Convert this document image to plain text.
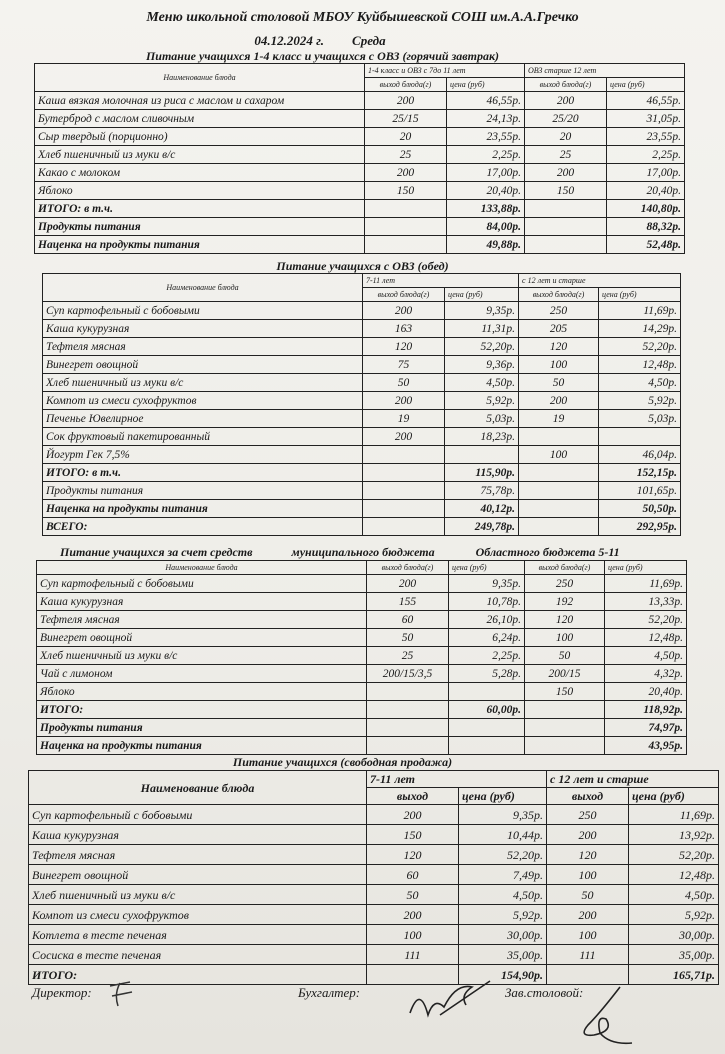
Меню школьной столовой МБОУ Куйбышевской СОШ им.А.А.Гречко
04.12.2024 г. Среда
Питание учащихся 1-4 класс и учащихся с ОВЗ (горячий завтрак)
Наименование блюда	1-4 класс и ОВЗ с 7до 11 лет		ОВЗ старше 12 лет	
	выход блюда(г)	цена (руб)	выход блюда(г)	цена (руб)
Каша вязкая молочная из риса с маслом и сахаром	200	46,55р.	200	46,55р.
Бутерброд с маслом сливочным	25/15	24,13р.	25/20	31,05р.
Сыр твердый (порционно)	20	23,55р.	20	23,55р.
Хлеб пшеничный из муки в/с	25	2,25р.	25	2,25р.
Какао с молоком	200	17,00р.	200	17,00р.
Яблоко	150	20,40р.	150	20,40р.
ИТОГО: в т.ч.		133,88р.		140,80р.
Продукты питания		84,00р.		88,32р.
Наценка на продукты питания		49,88р.		52,48р.
Питание учащихся с ОВЗ (обед)
Наименование блюда	7-11 лет		с 12 лет и старше	
	выход блюда(г)	цена (руб)	выход блюда(г)	цена (руб)
Суп картофельный с бобовыми	200	9,35р.	250	11,69р.
Каша кукурузная	163	11,31р.	205	14,29р.
Тефтеля мясная	120	52,20р.	120	52,20р.
Винегрет овощной	75	9,36р.	100	12,48р.
Хлеб пшеничный из муки в/с	50	4,50р.	50	4,50р.
Компот из смеси сухофруктов	200	5,92р.	200	5,92р.
Печенье Ювелирное	19	5,03р.	19	5,03р.
Сок фруктовый пакетированный	200	18,23р.		
Йогурт Гек 7,5%			100	46,04р.
ИТОГО: в т.ч.		115,90р.		152,15р.
Продукты питания		75,78р.		101,65р.
Наценка на продукты питания		40,12р.		50,50р.
ВСЕГО:		249,78р.		292,95р.
Питание учащихся за счет средств	муниципального бюджета	Областного бюджета 5-11
Наименование блюда	выход блюда(г)	цена (руб)	выход блюда(г)	цена (руб)
Суп картофельный с бобовыми	200	9,35р.	250	11,69р.
Каша кукурузная	155	10,78р.	192	13,33р.
Тефтеля мясная	60	26,10р.	120	52,20р.
Винегрет овощной	50	6,24р.	100	12,48р.
Хлеб пшеничный из муки в/с	25	2,25р.	50	4,50р.
Чай с лимоном	200/15/3,5	5,28р.	200/15	4,32р.
Яблоко			150	20,40р.
ИТОГО:		60,00р.		118,92р.
Продукты питания				74,97р.
Наценка на продукты питания				43,95р.
Питание учащихся (свободная продажа)
Наименование блюда	7-11 лет		с 12 лет и старше	
	выход	цена (руб)	выход	цена (руб)
Суп картофельный с бобовыми	200	9,35р.	250	11,69р.
Каша кукурузная	150	10,44р.	200	13,92р.
Тефтеля мясная	120	52,20р.	120	52,20р.
Винегрет овощной	60	7,49р.	100	12,48р.
Хлеб пшеничный из муки в/с	50	4,50р.	50	4,50р.
Компот из смеси сухофруктов	200	5,92р.	200	5,92р.
Котлета в тесте печеная	100	30,00р.	100	30,00р.
Сосиска в тесте печеная	111	35,00р.	111	35,00р.
ИТОГО:		154,90р.		165,71р.
Директор:	Бухгалтер:	Зав.столовой:
